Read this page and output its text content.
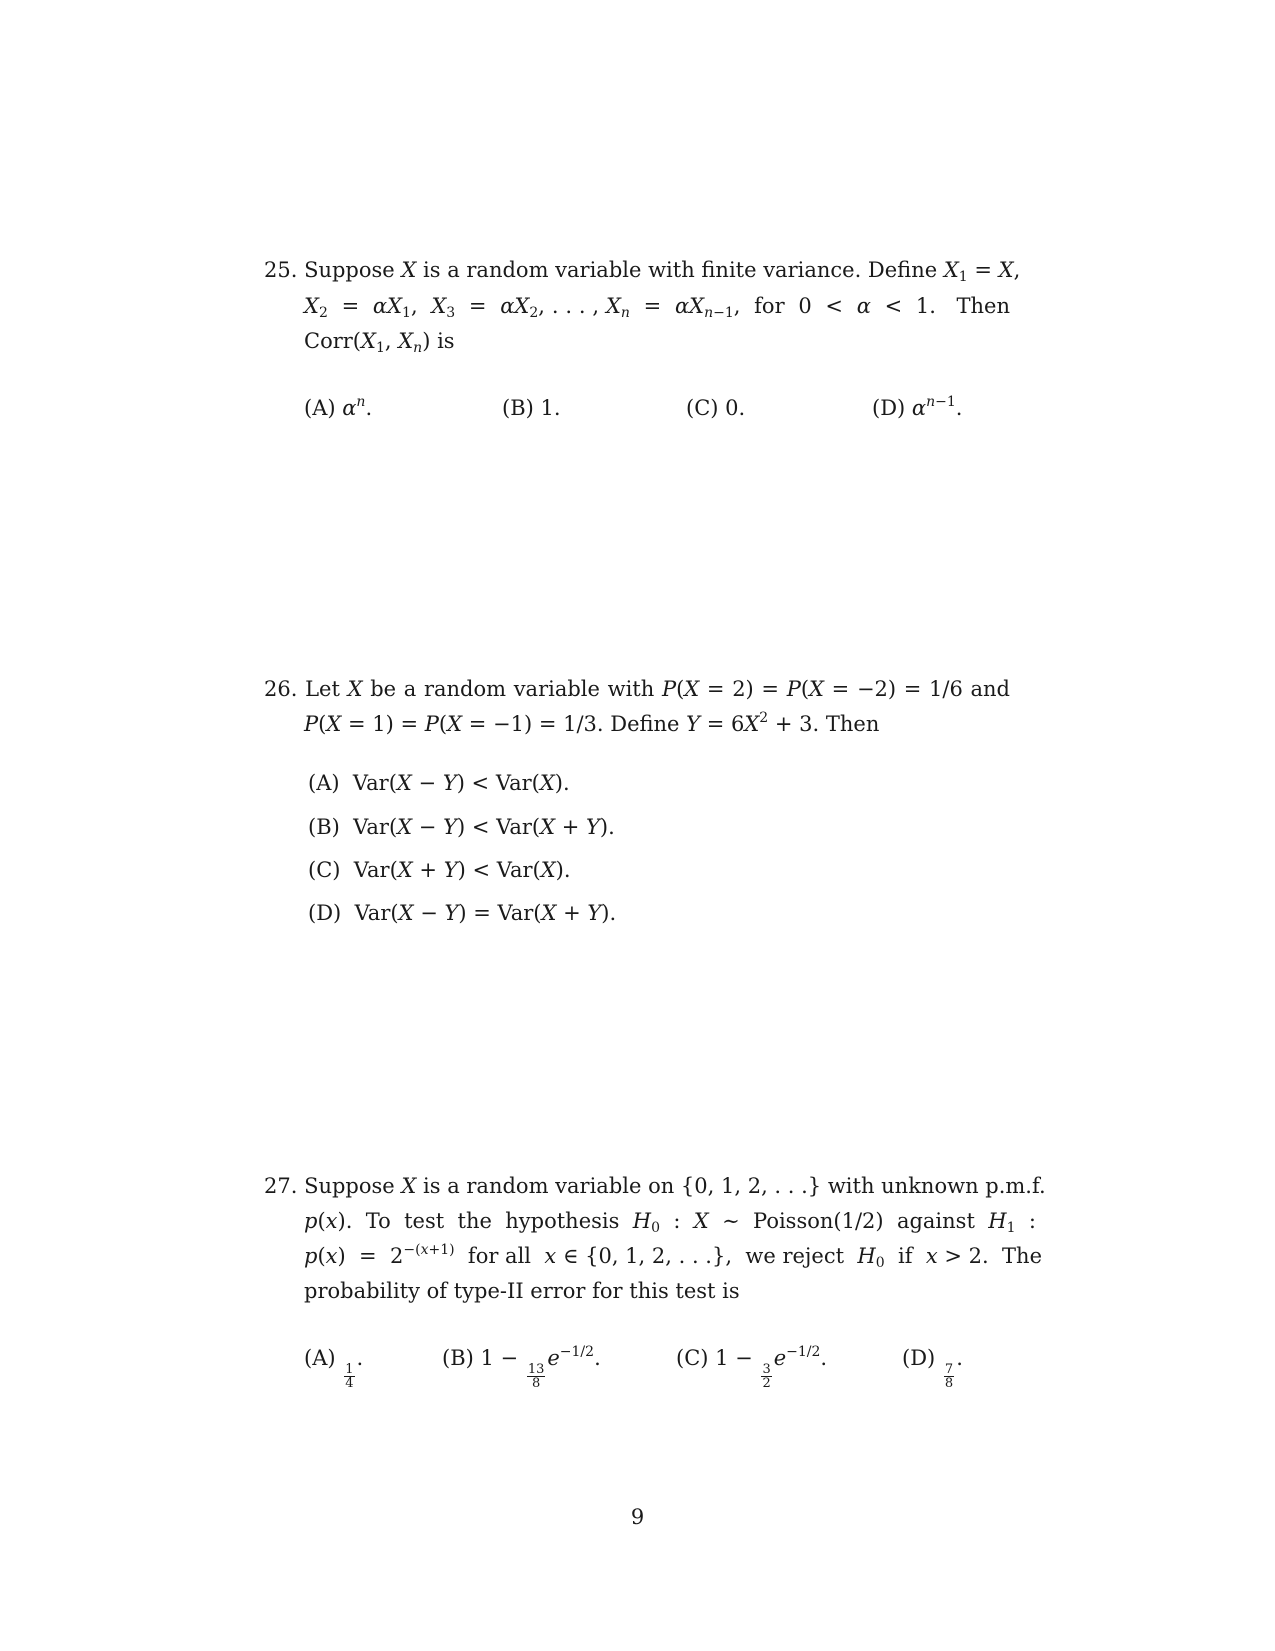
25. Suppose X is a random variable with finite variance. Define $X_1 = X$,
$X_2 = \alpha X_1$,  $X_3 = \alpha X_2$, . . . , $X_n = \alpha X_{n-1}$,  for  0  <  α  <  1.   Then
$Corr(X_1$, $X_n$) is
(A) $\alpha^n$.	(B) 1.	(C) 0.	(D) $\alpha^{n-1}$.
26. Let X be a random variable with P(X = 2) = P(X = −2) = 1/6 and
P(X = 1) = P(X = −1) = 1/3. Define $Y = 6X^2 + 3$. Then
(A)  Var(X − Y) < Var(X).
(B)  Var(X − Y) < Var(X + Y).
(C)  Var(X + Y) < Var(X).
(D)  Var(X − Y) = Var(X + Y).
27. Suppose X is a random variable on {0, 1, 2, . . .} with unknown p.m.f.
p(x).  To  test  the  hypothesis  $H_0$  :  X  ∼  Poisson(1/2)  against  $H_1$  :
$p(x) = 2^{-(x+1)}$  for all  x ∈ {0, 1, 2, . . .},  we reject  $H_0$  if  x > 2.  The
probability of type-II error for this test is
(A)
$\frac{1}{4}$
.	(B) 1 −
$\frac{13}{8}$
$e^{-1/2}$.	(C) 1 −
$\frac{3}{2}$
$e^{-1/2}$.	(D)
$\frac{7}{8}$
.
9
